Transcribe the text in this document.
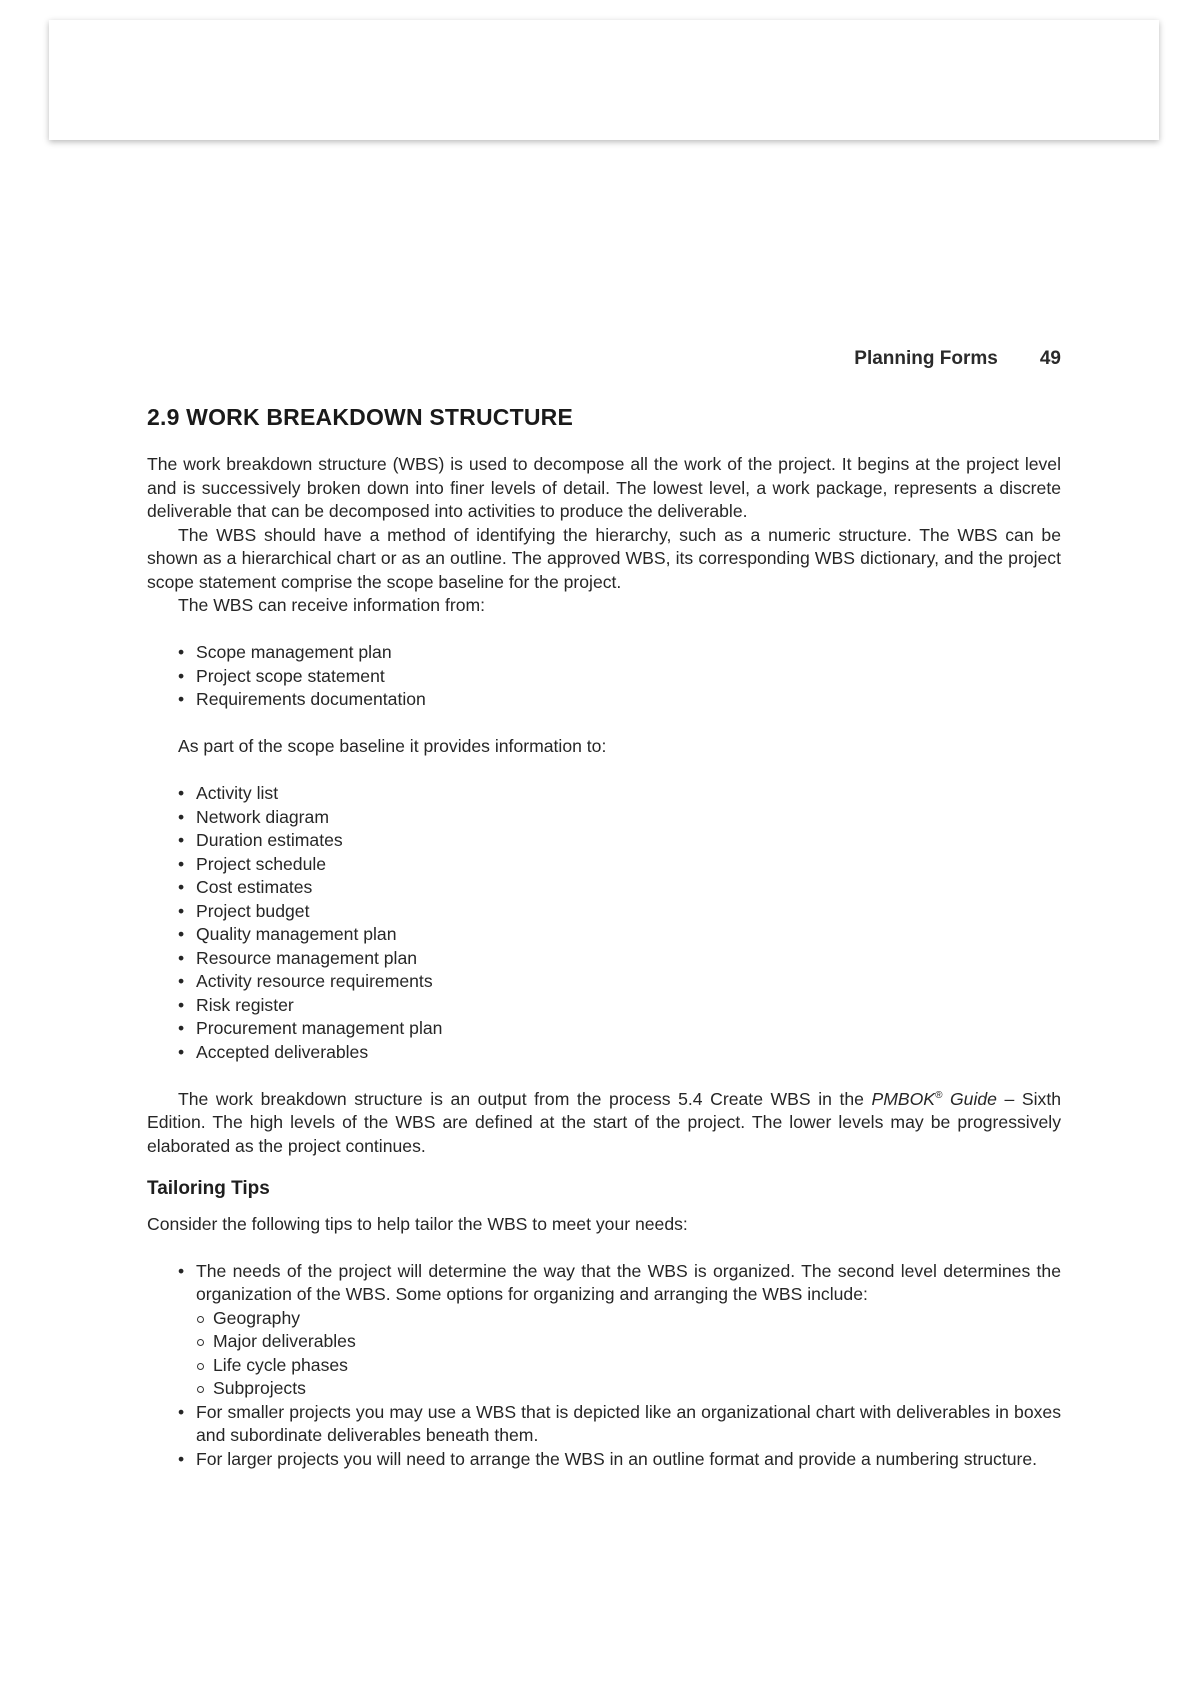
Planning Forms 49
2.9 WORK BREAKDOWN STRUCTURE

The work breakdown structure (WBS) is used to decompose all the work of the project. It begins at the project level and is successively broken down into finer levels of detail. The lowest level, a work package, represents a discrete deliverable that can be decomposed into activities to produce the deliverable.

The WBS should have a method of identifying the hierarchy, such as a numeric structure. The WBS can be shown as a hierarchical chart or as an outline. The approved WBS, its corresponding WBS dictionary, and the project scope statement comprise the scope baseline for the project.

The WBS can receive information from:

• Scope management plan
• Project scope statement
• Requirements documentation

As part of the scope baseline it provides information to:

• Activity list
• Network diagram
• Duration estimates
• Project schedule
• Cost estimates
• Project budget
• Quality management plan
• Resource management plan
• Activity resource requirements
• Risk register
• Procurement management plan
• Accepted deliverables

The work breakdown structure is an output from the process 5.4 Create WBS in the PMBOK® Guide – Sixth Edition. The high levels of the WBS are defined at the start of the project. The lower levels may be progressively elaborated as the project continues.

Tailoring Tips

Consider the following tips to help tailor the WBS to meet your needs:

• The needs of the project will determine the way that the WBS is organized. The second level determines the organization of the WBS. Some options for organizing and arranging the WBS include:
Geography
Major deliverables
Life cycle phases
Subprojects
• For smaller projects you may use a WBS that is depicted like an organizational chart with deliverables in boxes and subordinate deliverables beneath them.
• For larger projects you will need to arrange the WBS in an outline format and provide a numbering structure.
